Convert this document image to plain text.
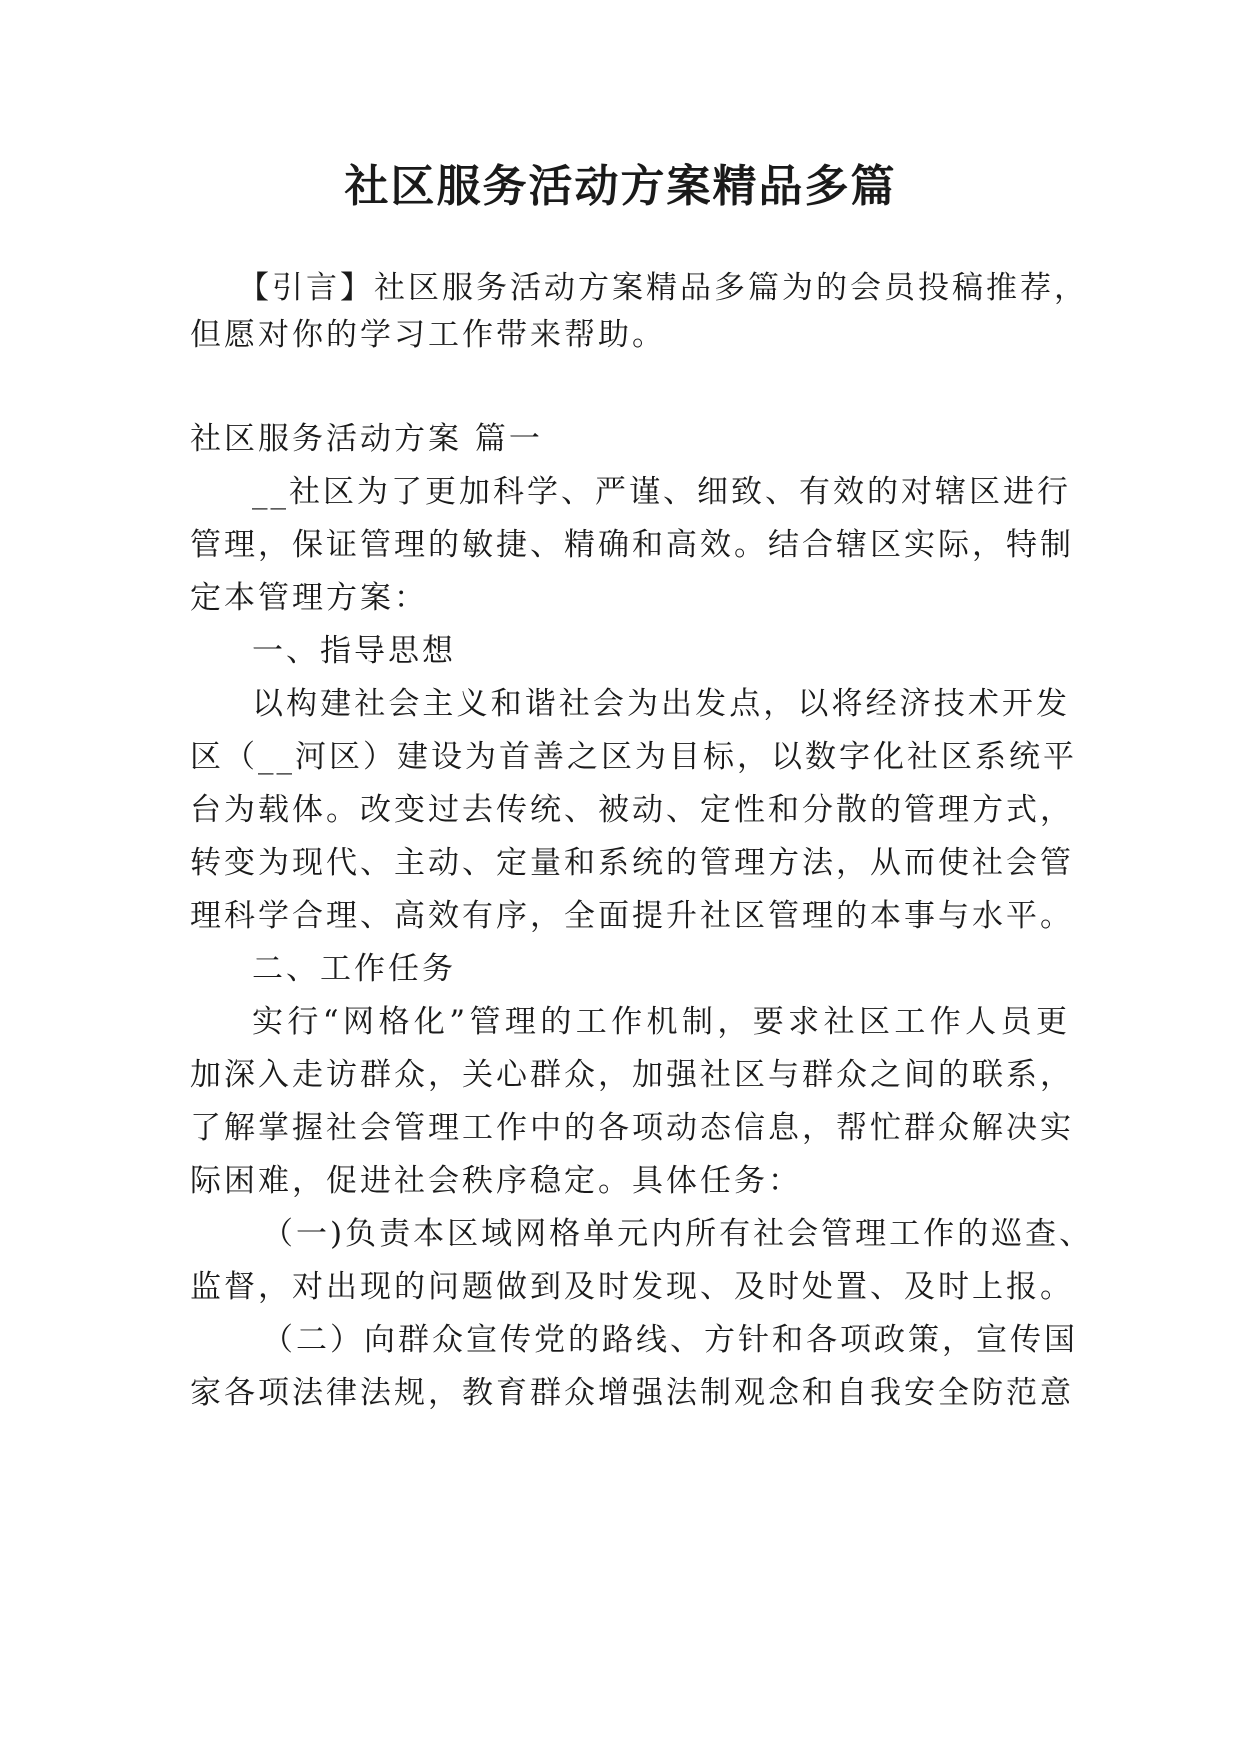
社区服务活动方案精品多篇
【引言】社区服务活动方案精品多篇为的会员投稿推荐，
但愿对你的学习工作带来帮助。
社区服务活动方案 篇一
__社区为了更加科学、严谨、细致、有效的对辖区进行
管理，保证管理的敏捷、精确和高效。结合辖区实际，特制
定本管理方案：
一、指导思想
以构建社会主义和谐社会为出发点，以将经济技术开发
区（__河区）建设为首善之区为目标，以数字化社区系统平
台为载体。改变过去传统、被动、定性和分散的管理方式，
转变为现代、主动、定量和系统的管理方法，从而使社会管
理科学合理、高效有序，全面提升社区管理的本事与水平。
二、工作任务
实行“网格化”管理的工作机制，要求社区工作人员更
加深入走访群众，关心群众，加强社区与群众之间的联系，
了解掌握社会管理工作中的各项动态信息，帮忙群众解决实
际困难，促进社会秩序稳定。具体任务：
（一)负责本区域网格单元内所有社会管理工作的巡查、
监督，对出现的问题做到及时发现、及时处置、及时上报。
（二）向群众宣传党的路线、方针和各项政策，宣传国
家各项法律法规，教育群众增强法制观念和自我安全防范意
